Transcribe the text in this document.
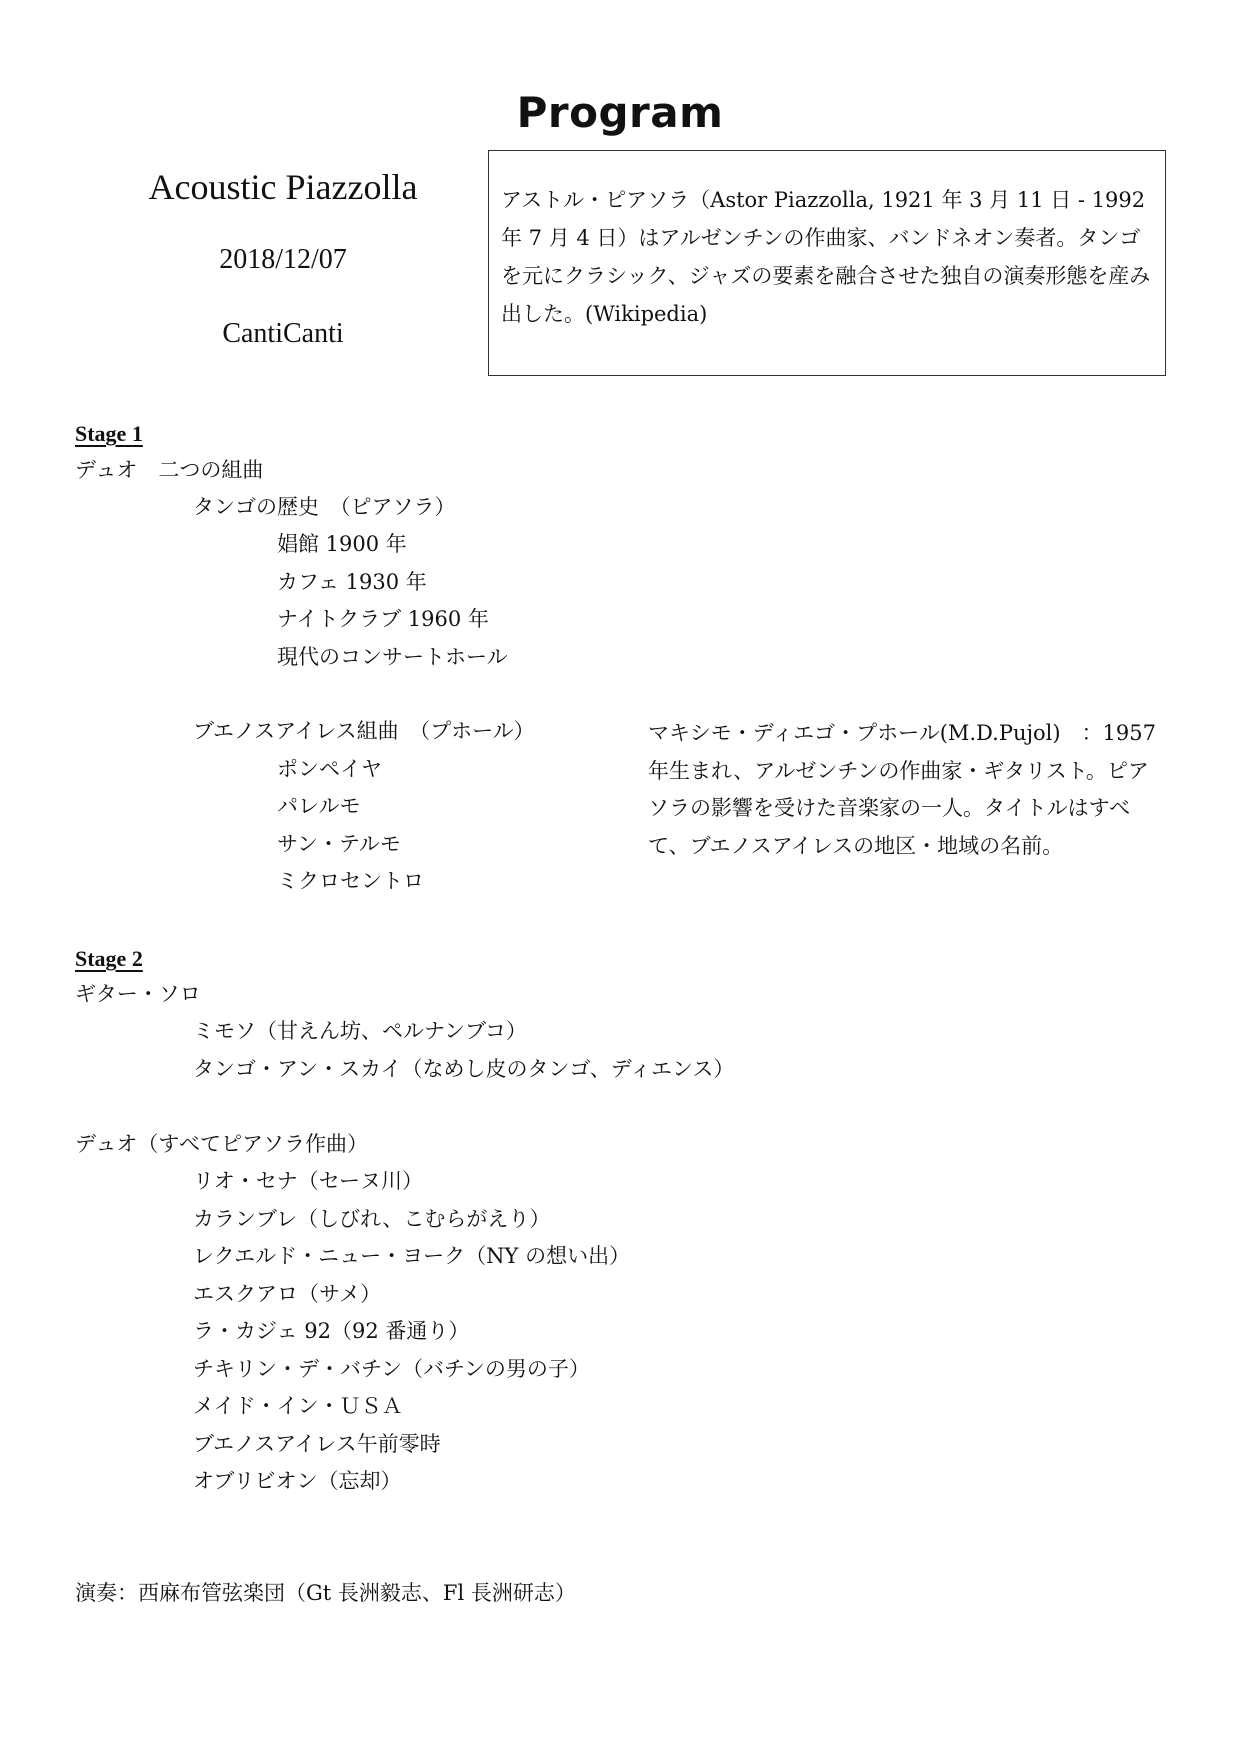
Program
Acoustic Piazzolla
2018/12/07
CantiCanti
アストル・ピアソラ（Astor Piazzolla, 1921 年 3 月 11 日 - 1992 年 7 月 4 日）はアルゼンチンの作曲家、バンドネオン奏者。タンゴを元にクラシック、ジャズの要素を融合させた独自の演奏形態を産み出した。(Wikipedia)
Stage 1
デュオ　二つの組曲
タンゴの歴史　（ピアソラ）
娼館 1900 年
カフェ 1930 年
ナイトクラブ 1960 年
現代のコンサートホール
ブエノスアイレス組曲　（プホール）
ポンペイヤ
パレルモ
サン・テルモ
ミクロセントロ
マキシモ・ディエゴ・プホール(M.D.Pujol)　：1957 年生まれ、アルゼンチンの作曲家・ギタリスト。ピアソラの影響を受けた音楽家の一人。タイトルはすべて、ブエノスアイレスの地区・地域の名前。
Stage 2
ギター・ソロ
ミモソ（甘えん坊、ペルナンブコ）
タンゴ・アン・スカイ（なめし皮のタンゴ、ディエンス）
デュオ（すべてピアソラ作曲）
リオ・セナ（セーヌ川）
カランブレ（しびれ、こむらがえり）
レクエルド・ニュー・ヨーク（NY の想い出）
エスクアロ（サメ）
ラ・カジェ 92（92 番通り）
チキリン・デ・バチン（バチンの男の子）
メイド・イン・ＵＳＡ
ブエノスアイレス午前零時
オブリビオン（忘却）
演奏：西麻布管弦楽団（Gt 長洲毅志、Fl 長洲研志）
